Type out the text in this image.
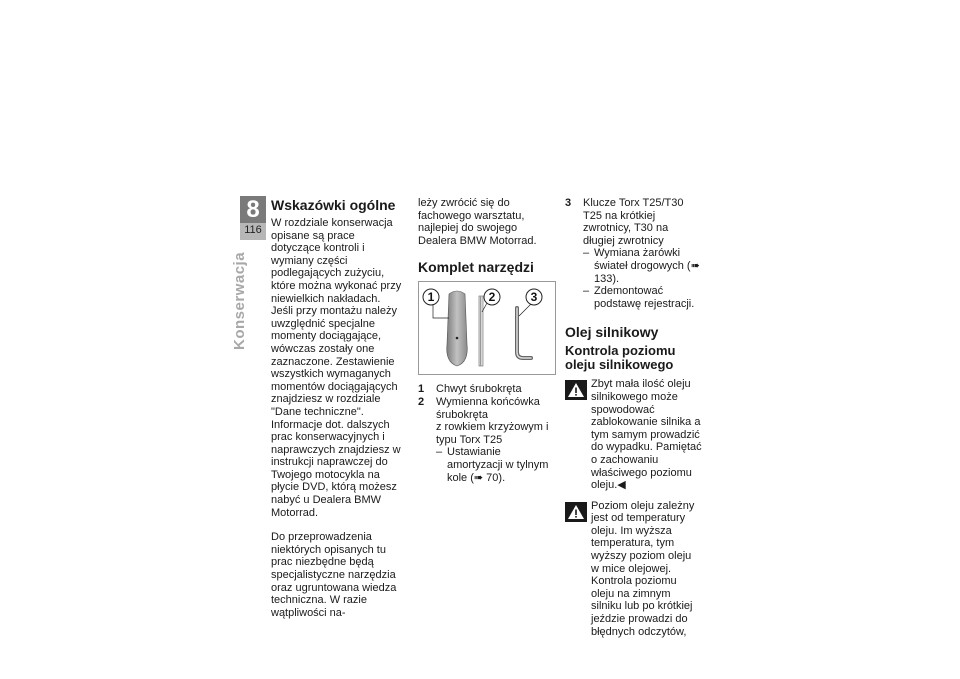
8
116
Konserwacja
Wskazówki ogólne

W rozdziale konserwacja opisane są prace dotyczące kontroli i wymiany części podlegających zużyciu, które można wykonać przy niewielkich nakładach.

Jeśli przy montażu należy uwzględnić specjalne momenty dociągające, wówczas zostały one zaznaczone. Zestawienie wszystkich wymaganych momentów dociągających znajdziesz w rozdziale "Dane techniczne".

Informacje dot. dalszych prac konserwacyjnych i naprawczych znajdziesz w instrukcji naprawczej do Twojego motocykla na płycie DVD, którą możesz nabyć u Dealera BMW Motorrad.

Do przeprowadzenia niektórych opisanych tu prac niezbędne będą specjalistyczne narzędzia oraz ugruntowana wiedza techniczna. W razie wątpliwości na-

leży zwrócić się do fachowego warsztatu, najlepiej do swojego Dealera BMW Motorrad.

Komplet narzędzi
1	2	3
1	Chwyt śrubokręta
2	Wymienna końcówka śrubokręta

z rowkiem krzyżowym i typu Torx T25

– Ustawianie amortyzacji w tylnym kole (➠ 70).
3	Klucze Torx T25/T30

T25 na krótkiej zwrotnicy, T30 na długiej zwrotnicy

– Wymiana żarówki świateł drogowych (➠ 133).
– Zdemontować podstawę rejestracji.
Olej silnikowy
Kontrola poziomu oleju silnikowego

Zbyt mała ilość oleju silnikowego może spowodować zablokowanie silnika a tym samym prowadzić do wypadku. Pamiętać o zachowaniu właściwego poziomu oleju.◀

Poziom oleju zależny jest od temperatury oleju. Im wyższa temperatura, tym wyższy poziom oleju w mice olejowej. Kontrola poziomu oleju na zimnym silniku lub po krótkiej jeździe prowadzi do błędnych odczytów,
